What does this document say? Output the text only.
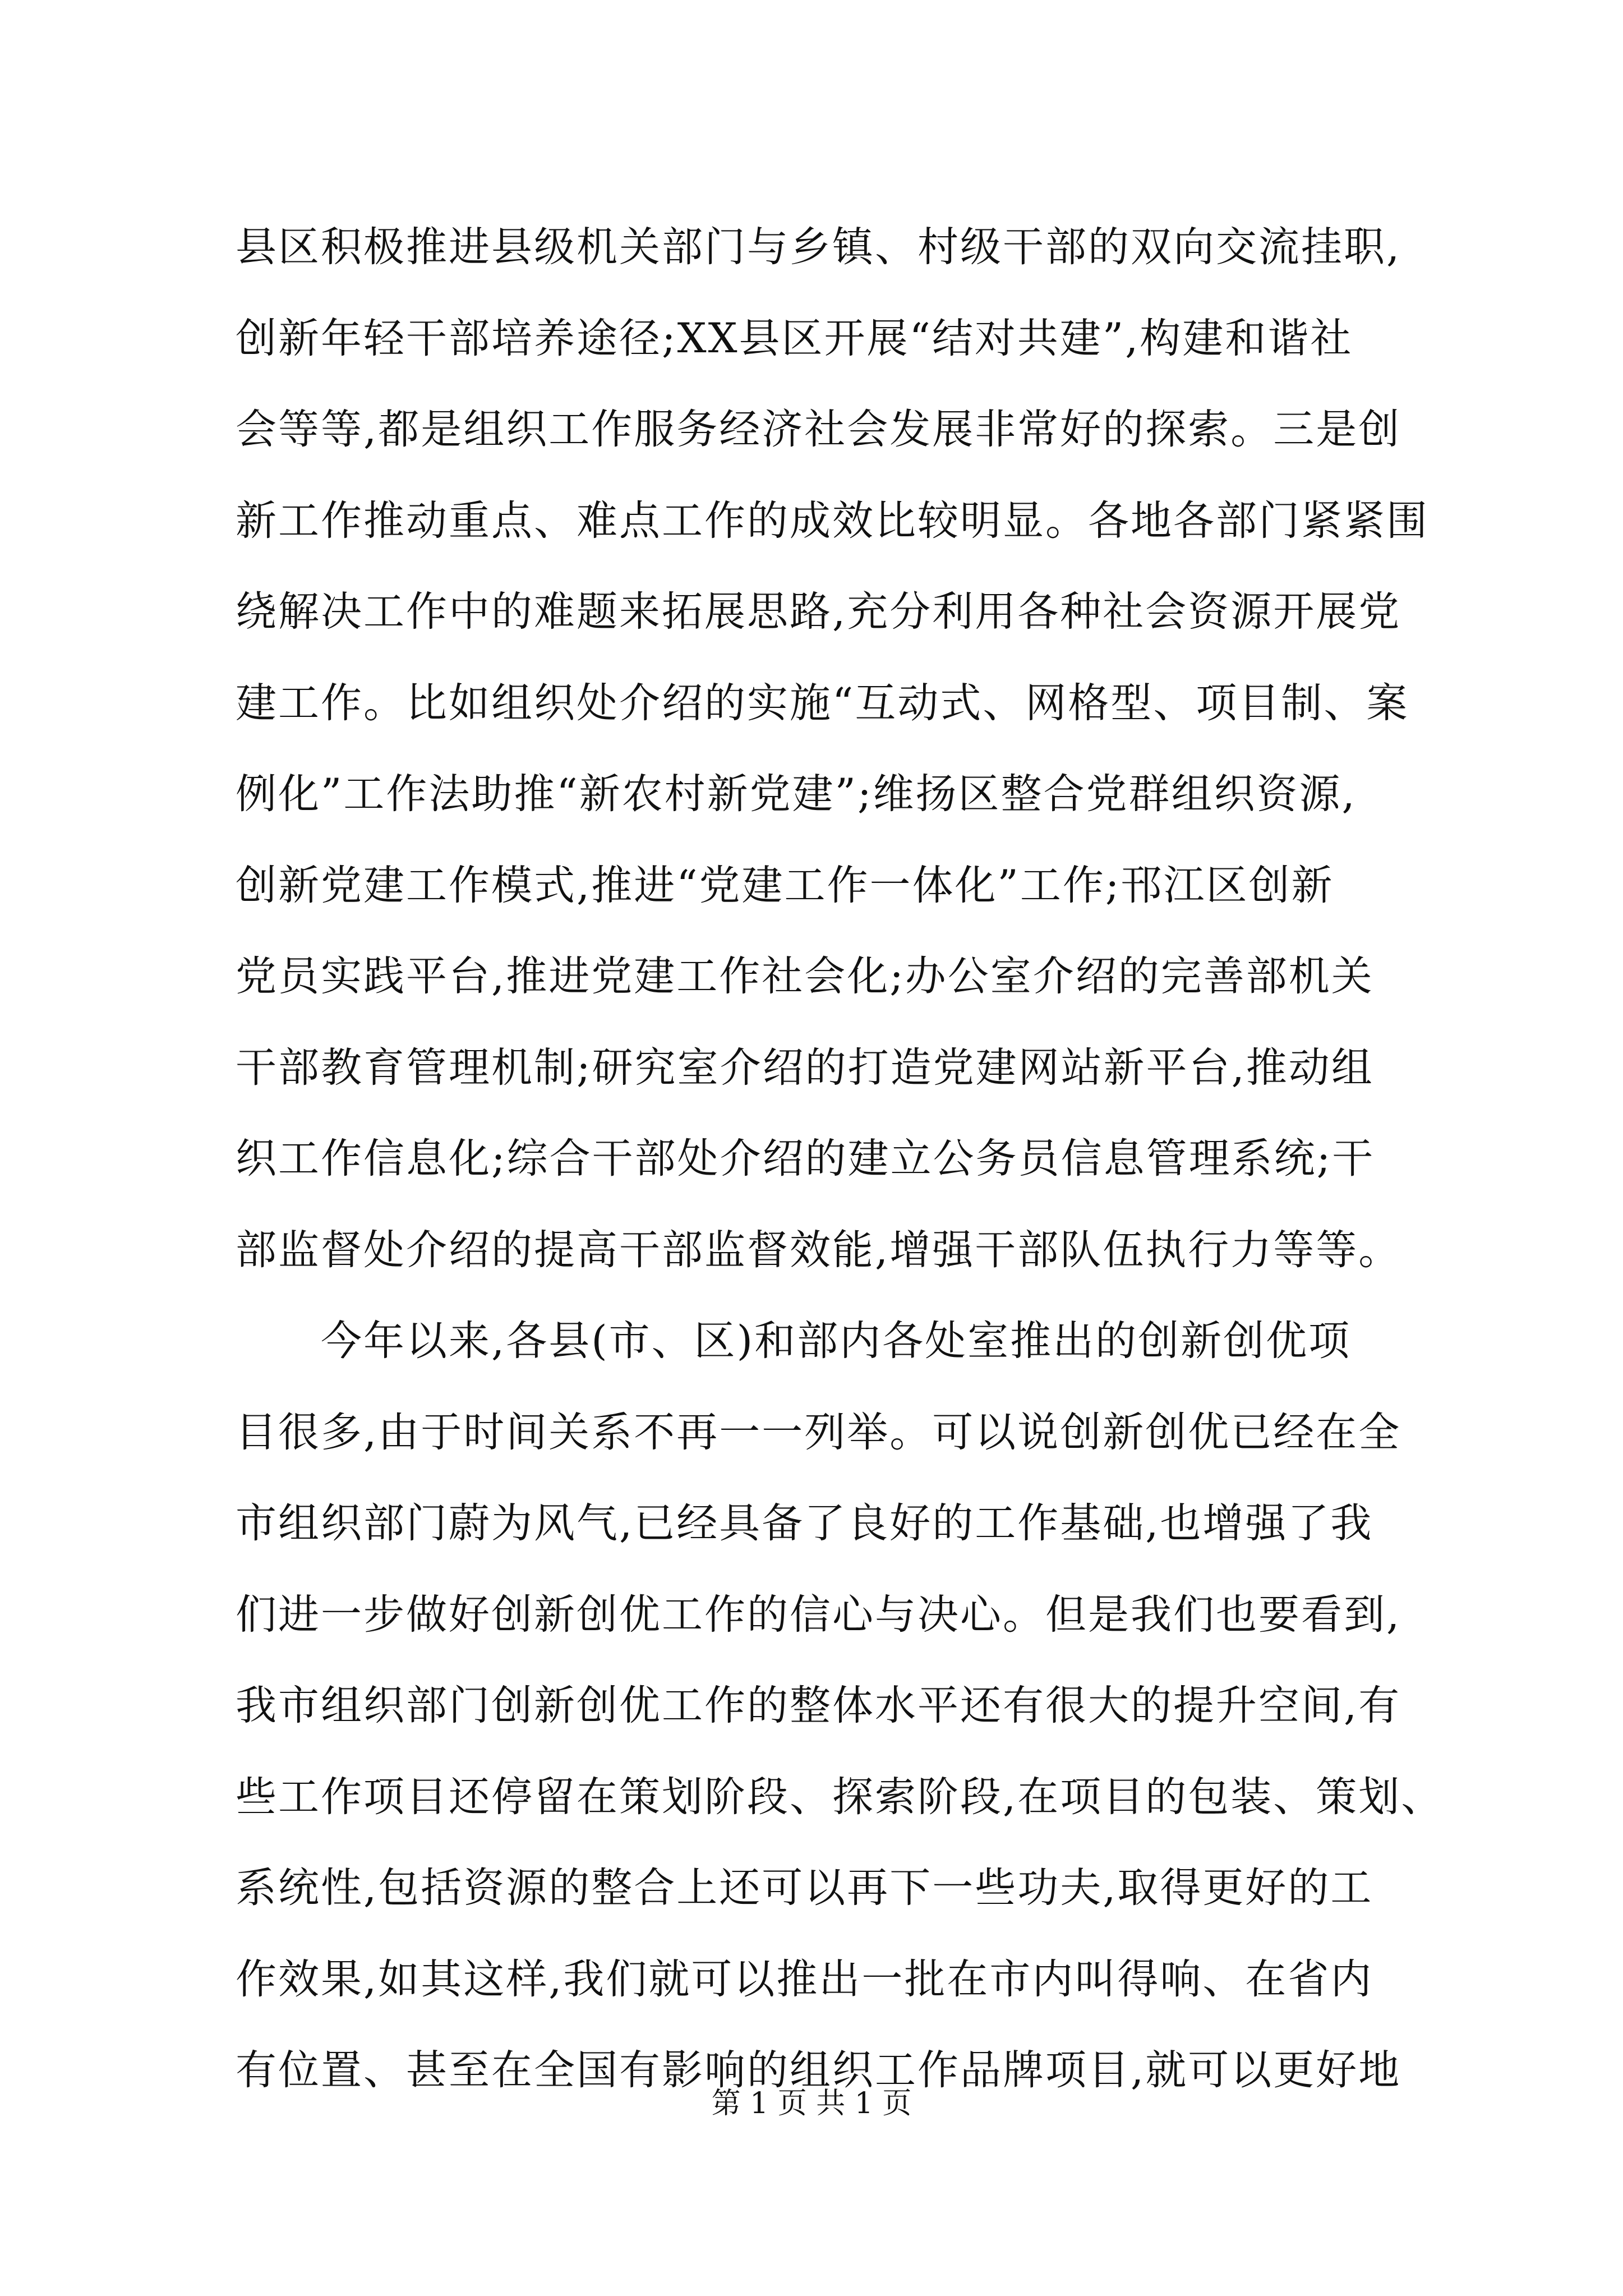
县区积极推进县级机关部门与乡镇、村级干部的双向交流挂职,
创新年轻干部培养途径;XX县区开展“结对共建”,构建和谐社
会等等,都是组织工作服务经济社会发展非常好的探索。三是创
新工作推动重点、难点工作的成效比较明显。各地各部门紧紧围
绕解决工作中的难题来拓展思路,充分利用各种社会资源开展党
建工作。比如组织处介绍的实施“互动式、网格型、项目制、案
例化”工作法助推“新农村新党建”;维扬区整合党群组织资源,
创新党建工作模式,推进“党建工作一体化”工作;邗江区创新
党员实践平台,推进党建工作社会化;办公室介绍的完善部机关
干部教育管理机制;研究室介绍的打造党建网站新平台,推动组
织工作信息化;综合干部处介绍的建立公务员信息管理系统;干
部监督处介绍的提高干部监督效能,增强干部队伍执行力等等。
　　今年以来,各县(市、区)和部内各处室推出的创新创优项
目很多,由于时间关系不再一一列举。可以说创新创优已经在全
市组织部门蔚为风气,已经具备了良好的工作基础,也增强了我
们进一步做好创新创优工作的信心与决心。但是我们也要看到,
我市组织部门创新创优工作的整体水平还有很大的提升空间,有
些工作项目还停留在策划阶段、探索阶段,在项目的包装、策划、
系统性,包括资源的整合上还可以再下一些功夫,取得更好的工
作效果,如其这样,我们就可以推出一批在市内叫得响、在省内
有位置、甚至在全国有影响的组织工作品牌项目,就可以更好地
第 1 页 共 1 页
